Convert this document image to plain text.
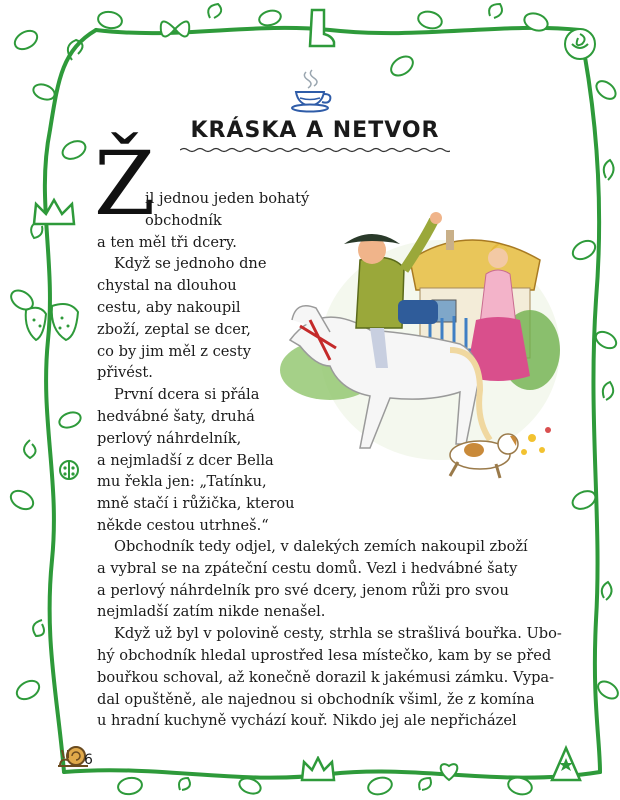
KRÁSKA A NETVOR
Ž

il jednou jeden bohatý

obchodník

a ten měl tři dcery.

Když se jednoho dne

chystal na dlouhou

cestu, aby nakoupil

zboží, zeptal se dcer,

co by jim měl z cesty

přivést.

První dcera si přála

hedvábné šaty, druhá

perlový náhrdelník,

a nejmladší z dcer Bella

mu řekla jen: „Tatínku,

mně stačí i růžička, kterou

někde cestou utrhneš.“

Obchodník tedy odjel, v dalekých zemích nakoupil zboží

a vybral se na zpáteční cestu domů. Vezl i hedvábné šaty

a perlový náhrdelník pro své dcery, jenom růži pro svou

nejmladší zatím nikde nenašel.

Když už byl v polovině cesty, strhla se strašlivá bouřka. Ubo-

hý obchodník hledal uprostřed lesa místečko, kam by se před

bouřkou schoval, až konečně dorazil k jakémusi zámku. Vypa-

dal opuštěně, ale najednou si obchodník všiml, že z komína

u hradní kuchyně vychází kouř. Nikdo jej ale nepřicházel

6
